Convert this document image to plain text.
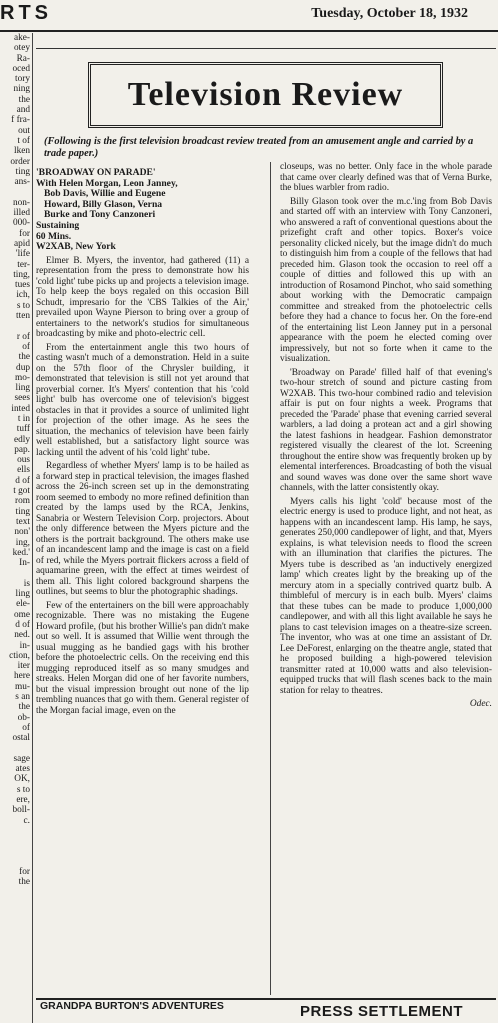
RTS	Tuesday, October 18, 1932
ake-
otey
Ra-
oced
tory
ning
the
and
f fra-
out
t of
lken
order
ting
ans-

non-
illed
000-
for
apid
'life
ter-
ting,
tues
ich,
s to
tten

r of
of
the
dup
mo-
ling
sees
inted
t in
tuff
edly
pap.
ous
ells
d of
t got
rom
ting
text
non'
ing,
ked.'
In-

is
ling
ele-
ome
d of
ned.
in-
ction,
iter
here
mu-
s an
the
ob-
of
ostal

sage
ates
OK,
s to
ere,
boll-
c.

for
the
Television Review
(Following is the first television broadcast review treated from an amusement angle and carried by a trade paper.)
'BROADWAY ON PARADE'
With Helen Morgan, Leon Janney,
Bob Davis, Willie and Eugene
Howard, Billy Glason, Verna
Burke and Tony Canzoneri
Sustaining
60 Mins.
W2XAB, New York

Elmer B. Myers, the inventor, had gathered (11) a representation from the press to demonstrate how his 'cold light' tube picks up and projects a television image. To help keep the boys regaled on this occasion Bill Schudt, impresario for the 'CBS Talkies of the Air,' prevailed upon Wayne Pierson to bring over a group of entertainers to the network's studios for simultaneous broadcasting by mike and photo-electric cell.

From the entertainment angle this two hours of casting wasn't much of a demonstration. Held in a suite on the 57th floor of the Chrysler building, it demonstrated that television is still not yet around that proverbial corner. It's Myers' contention that his 'cold light' bulb has overcome one of television's biggest obstacles in that it provides a source of unlimited light for projection of the other image. As he sees the situation, the mechanics of television have been fairly well established, but a satisfactory light source was lacking until the advent of his 'cold light' tube.

Regardless of whether Myers' lamp is to be hailed as a forward step in practical television, the images flashed across the 26-inch screen set up in the demonstrating room seemed to embody no more refined definition than created by the lamps used by the RCA, Jenkins, Sanabria or Western Television Corp. projectors. About the only difference between the Myers picture and the others is the portrait background. The others make use of an incandescent lamp and the image is cast on a field of red, while the Myers portrait flickers across a field of aquamarine green, with the effect at times weirdest of them all. This light colored background sharpens the outlines, but seems to blur the photographic shadings.

Few of the entertainers on the bill were approachably recognizable. There was no mistaking the Eugene Howard profile, (but his brother Willie's pan didn't make out so well. It is assumed that Willie went through the usual mugging as he bandied gags with his brother before the photoelectric cells. On the receiving end this mugging reproduced itself as so many smudges and streaks. Helen Morgan did one of her favorite numbers, but the visual impression brought out none of the lip trembling nuances that go with them. General register of the Morgan facial image, even on the

closeups, was no better. Only face in the whole parade that came over clearly defined was that of Verna Burke, the blues warbler from radio.

Billy Glason took over the m.c.'ing from Bob Davis and started off with an interview with Tony Canzoneri, who answered a raft of conventional questions about the prizefight craft and other topics. Boxer's voice personality clicked nicely, but the image didn't do much to distinguish him from a couple of the fellows that had preceded him. Glason took the occasion to reel off a couple of ditties and followed this up with an introduction of Rosamond Pinchot, who said something about working with the Democratic campaign committee and streaked from the photoelectric cells before they had a chance to focus her. On the fore-end of the entertaining list Leon Janney put in a personal appearance with the poem he elected coming over impressively, but not so forte when it came to the visualization.

'Broadway on Parade' filled half of that evening's two-hour stretch of sound and picture casting from W2XAB. This two-hour combined radio and television affair is put on four nights a week. Programs that preceded the 'Parade' phase that evening carried several warblers, a lad doing a protean act and a girl showing the latest fashions in headgear. Fashion demonstrator registered visually the clearest of the lot. Screening throughout the entire show was frequently broken up by elemental interferences. Broadcasting of both the visual and sound waves was done over the same short wave channels, with the latter consistently okay.

Myers calls his light 'cold' because most of the electric energy is used to produce light, and not heat, as happens with an incandescent lamp. His lamp, he says, generates 250,000 candlepower of light, and that, Myers explains, is what television needs to flood the screen with an illumination that clarifies the pictures. The Myers tube is described as 'an inductively energized lamp' which creates light by the breaking up of the mercury atom in a specially contrived quartz bulb. A thimbleful of mercury is in each bulb. Myers' claims that these tubes can be made to produce 1,000,000 candlepower, and with all this light available he says he plans to cast television images on a theatre-size screen. The inventor, who was at one time an assistant of Dr. Lee DeForest, enlarging on the theatre angle, stated that he proposed building a high-powered television transmitter rated at 10,000 watts and also television-equipped trucks that will flash scenes back to the main station for relay to theatres.

Odec.
GRANDPA BURTON'S ADVENTURES	PRESS SETTLEMENT
